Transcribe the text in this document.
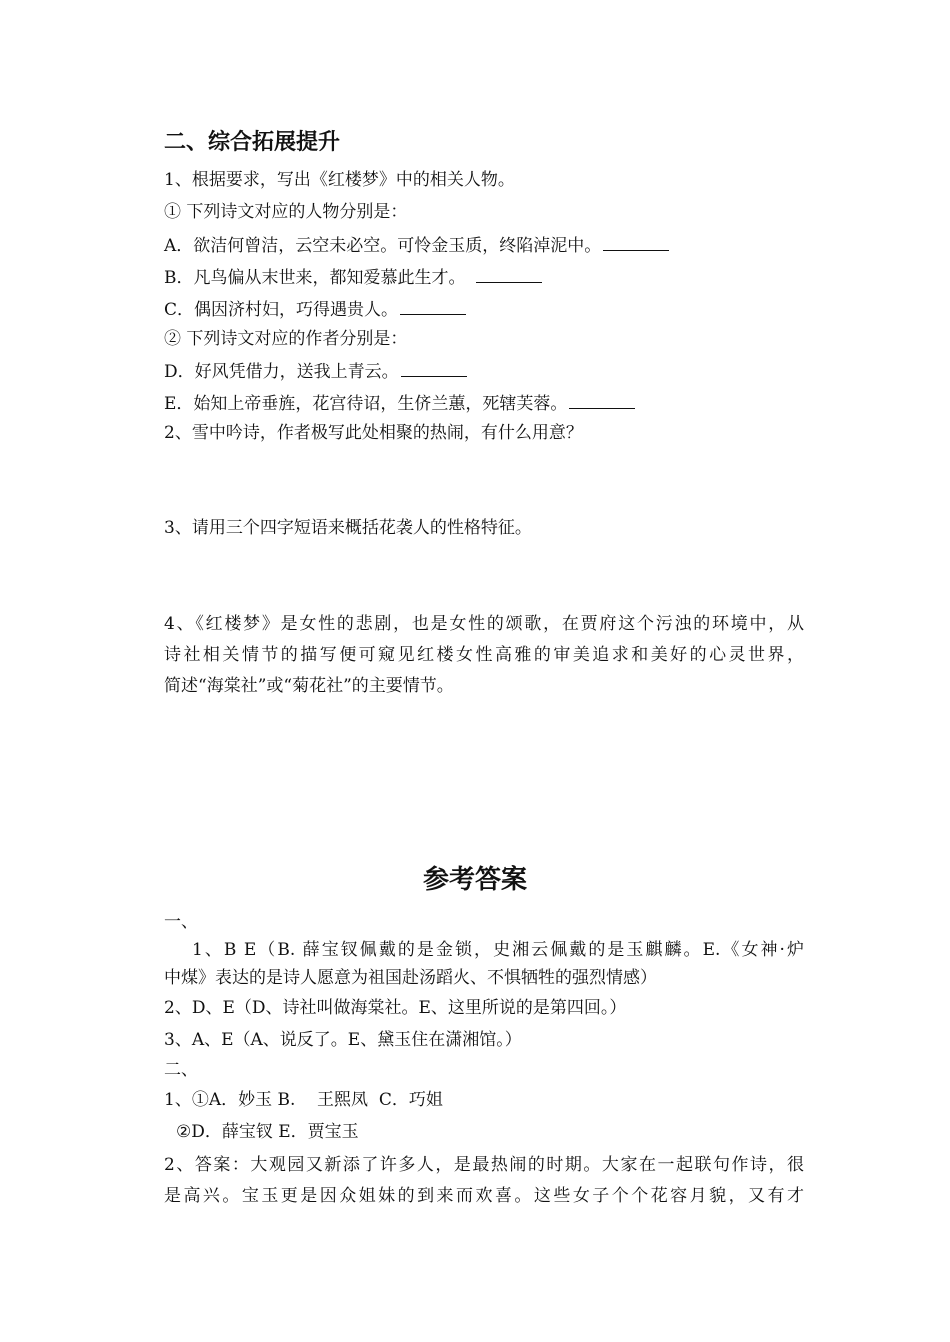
二、综合拓展提升
1、根据要求，写出《红楼梦》中的相关人物。
① 下列诗文对应的人物分别是：
A．欲洁何曾洁，云空未必空。可怜金玉质，终陷淖泥中。
B．凡鸟偏从末世来，都知爱慕此生才。
C．偶因济村妇，巧得遇贵人。
② 下列诗文对应的作者分别是：
D．好风凭借力，送我上青云。
E．始知上帝垂旌，花宫待诏，生侪兰蕙，死辖芙蓉。
2、雪中吟诗，作者极写此处相聚的热闹，有什么用意？
3、请用三个四字短语来概括花袭人的性格特征。
4、《红楼梦》是女性的悲剧，也是女性的颂歌，在贾府这个污浊的环境中，从
诗社相关情节的描写便可窥见红楼女性高雅的审美追求和美好的心灵世界，
简述“海棠社”或“菊花社”的主要情节。
参考答案
一、
1、B E（B. 薛宝钗佩戴的是金锁，史湘云佩戴的是玉麒麟。E.《女神·炉
中煤》表达的是诗人愿意为祖国赴汤蹈火、不惧牺牲的强烈情感）
2、D、E（D、诗社叫做海棠社。E、这里所说的是第四回。）
3、A、E（A、说反了。E、黛玉住在潇湘馆。）
二、
1、①A．妙玉 B.    王熙凤  C．巧姐
②D．薛宝钗 E．贾宝玉
2、答案：大观园又新添了许多人，是最热闹的时期。大家在一起联句作诗，很
是高兴。宝玉更是因众姐妹的到来而欢喜。这些女子个个花容月貌，又有才
